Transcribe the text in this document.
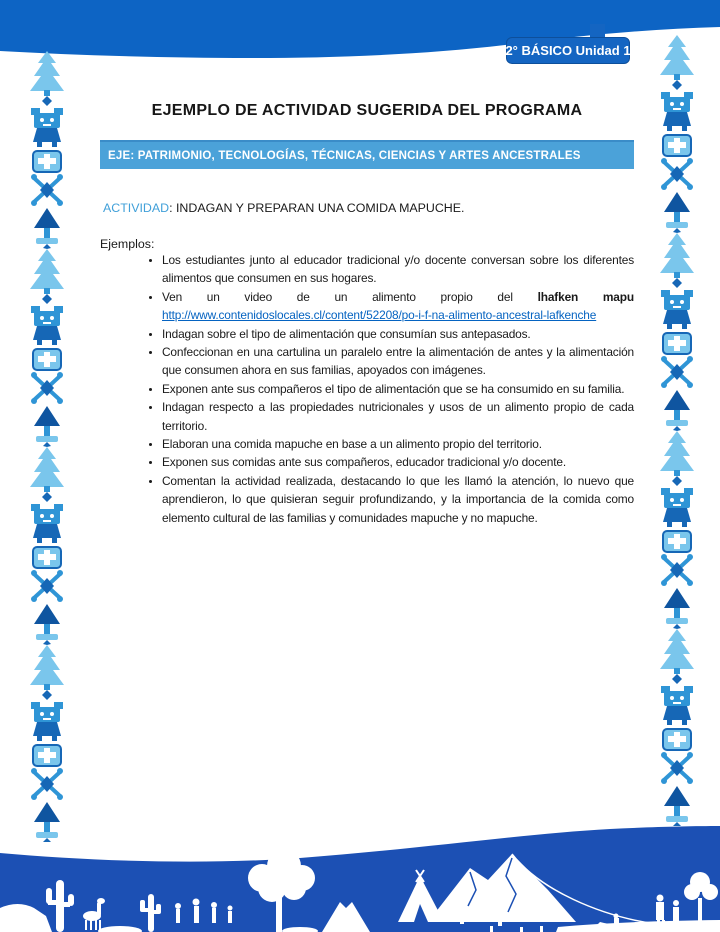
2° BÁSICO Unidad 1
EJEMPLO DE ACTIVIDAD SUGERIDA DEL PROGRAMA
EJE: PATRIMONIO, TECNOLOGÍAS, TÉCNICAS, CIENCIAS Y ARTES ANCESTRALES
ACTIVIDAD: INDAGAN Y PREPARAN UNA COMIDA MAPUCHE.
Ejemplos:
• Los estudiantes junto al educador tradicional y/o docente conversan sobre los diferentes alimentos que consumen en sus hogares.
• Ven un video de un alimento propio del lhafken mapu http://www.contenidoslocales.cl/content/52208/po-i-f-na-alimento-ancestral-lafkenche
• Indagan sobre el tipo de alimentación que consumían sus antepasados.
• Confeccionan en una cartulina un paralelo entre la alimentación de antes y la alimentación que consumen ahora en sus familias, apoyados con imágenes.
• Exponen ante sus compañeros el tipo de alimentación que se ha consumido en su familia.
• Indagan respecto a las propiedades nutricionales y usos de un alimento propio de cada territorio.
• Elaboran una comida mapuche en base a un alimento propio del territorio.
• Exponen sus comidas ante sus compañeros, educador tradicional y/o docente.
• Comentan la actividad realizada, destacando lo que les llamó la atención, lo nuevo que aprendieron, lo que quisieran seguir profundizando, y la importancia de la comida como elemento cultural de las familias y comunidades mapuche y no mapuche.
